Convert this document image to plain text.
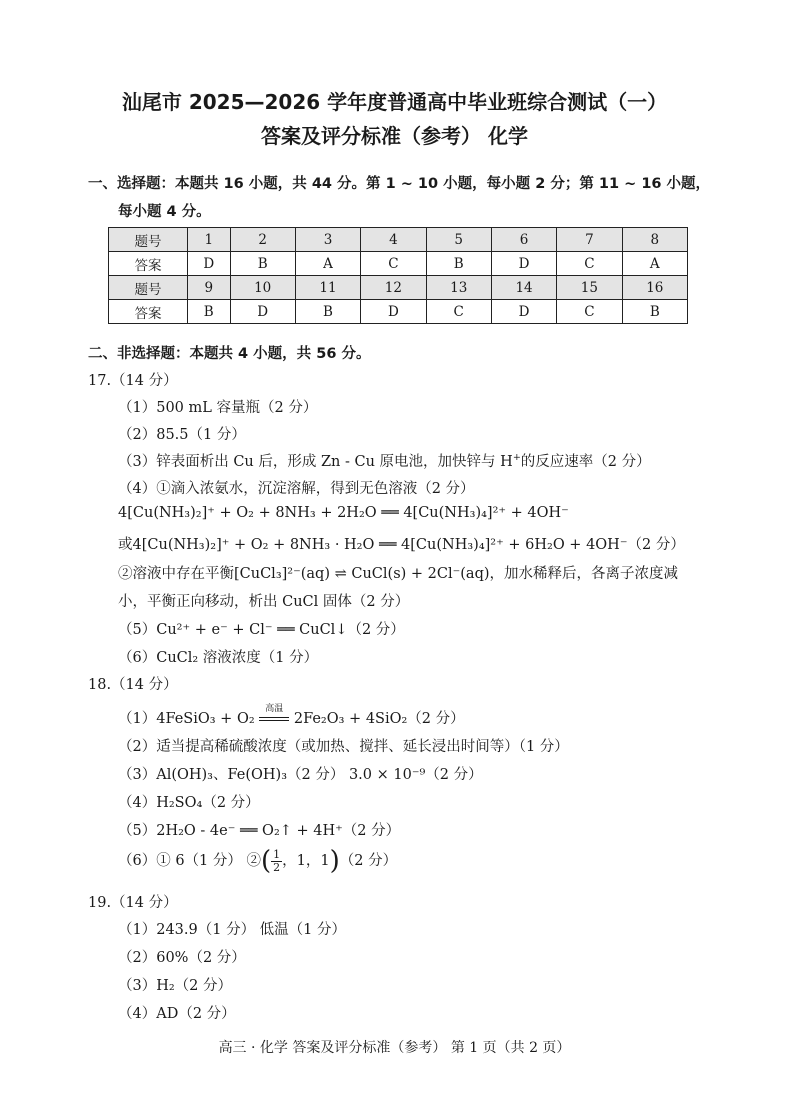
汕尾市 2025—2026 学年度普通高中毕业班综合测试（一）
答案及评分标准（参考） 化学
一、选择题：本题共 16 小题，共 44 分。第 1 ~ 10 小题，每小题 2 分；第 11 ~ 16 小题，
每小题 4 分。
题号	1	2	3	4	5	6	7	8
答案	D	B	A	C	B	D	C	A
题号	9	10	11	12	13	14	15	16
答案	B	D	B	D	C	D	C	B
二、非选择题：本题共 4 小题，共 56 分。
17.（14 分）
（1）500 mL 容量瓶（2 分）
（2）85.5（1 分）
（3）锌表面析出 Cu 后，形成 Zn - Cu 原电池，加快锌与 H+的反应速率（2 分）
（4）①滴入浓氨水，沉淀溶解，得到无色溶液（2 分）
4[Cu(NH₃)₂]⁺ + O₂ + 8NH₃ + 2H₂O ══ 4[Cu(NH₃)₄]²⁺ + 4OH⁻
或4[Cu(NH₃)₂]⁺ + O₂ + 8NH₃ · H₂O ══ 4[Cu(NH₃)₄]²⁺ + 6H₂O + 4OH⁻（2 分）
②溶液中存在平衡[CuCl₃]²⁻(aq) ⇌ CuCl(s) + 2Cl⁻(aq)，加水稀释后，各离子浓度减
小，平衡正向移动，析出 CuCl 固体（2 分）
（5）Cu²⁺ + e⁻ + Cl⁻ ══ CuCl↓（2 分）
（6）CuCl₂ 溶液浓度（1 分）
18.（14 分）
（1）4FeSiO₃ + O₂
高温
2Fe₂O₃ + 4SiO₂（2 分）
（2）适当提高稀硫酸浓度（或加热、搅拌、延长浸出时间等）（1 分）
（3）Al(OH)₃、Fe(OH)₃（2 分） 3.0 × 10⁻⁹（2 分）
（4）H₂SO₄（2 分）
（5）2H₂O - 4e⁻ ══ O₂↑ + 4H⁺（2 分）
（6）① 6（1 分） ②( $\frac{1}{2}$ ，1，1)（2 分）
19.（14 分）
（1）243.9（1 分） 低温（1 分）
（2）60%（2 分）
（3）H₂（2 分）
（4）AD（2 分）
高三 · 化学 答案及评分标准（参考） 第 1 页（共 2 页）
